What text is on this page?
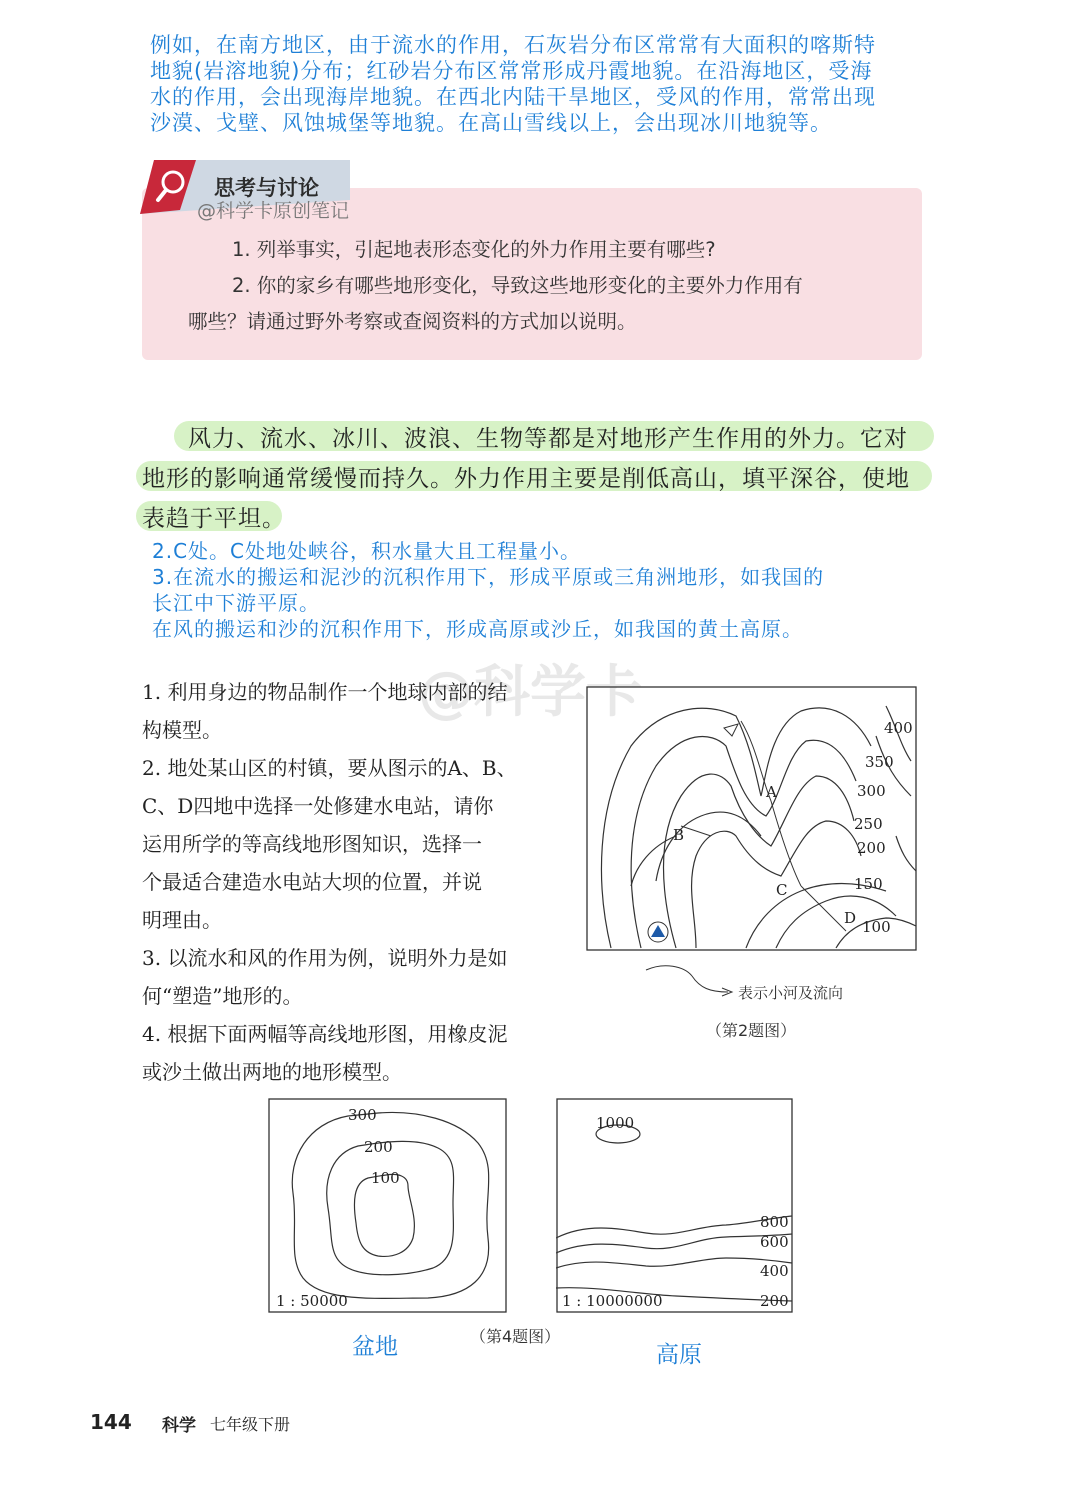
例如，在南方地区，由于流水的作用，石灰岩分布区常常有大面积的喀斯特
地貌(岩溶地貌)分布；红砂岩分布区常常形成丹霞地貌。在沿海地区，受海
水的作用，会出现海岸地貌。在西北内陆干旱地区，受风的作用，常常出现
沙漠、戈壁、风蚀城堡等地貌。在高山雪线以上，会出现冰川地貌等。
思考与讨论
@科学卡原创笔记
1. 列举事实，引起地表形态变化的外力作用主要有哪些?
2. 你的家乡有哪些地形变化，导致这些地形变化的主要外力作用有
哪些？请通过野外考察或查阅资料的方式加以说明。
风力、流水、冰川、波浪、生物等都是对地形产生作用的外力。它对
地形的影响通常缓慢而持久。外力作用主要是削低高山，填平深谷，使地
表趋于平坦。
2.C处。C处地处峡谷，积水量大且工程量小。
3.在流水的搬运和泥沙的沉积作用下，形成平原或三角洲地形，如我国的
长江中下游平原。
在风的搬运和沙的沉积作用下，形成高原或沙丘，如我国的黄土高原。
@科学卡
1. 利用身边的物品制作一个地球内部的结
构模型。
2. 地处某山区的村镇，要从图示的A、B、
C、D四地中选择一处修建水电站，请你
运用所学的等高线地形图知识，选择一
个最适合建造水电站大坝的位置，并说
明理由。
3. 以流水和风的作用为例，说明外力是如
何“塑造”地形的。
4. 根据下面两幅等高线地形图，用橡皮泥
或沙土做出两地的地形模型。
400
350
300
250
200
150
100
A
B
C
D
表示小河及流向
（第2题图）
300
200
100
1 : 50000
盆地
1000
800
600
400
200
1 : 10000000
高原
（第4题图）
144 科学 七年级下册
